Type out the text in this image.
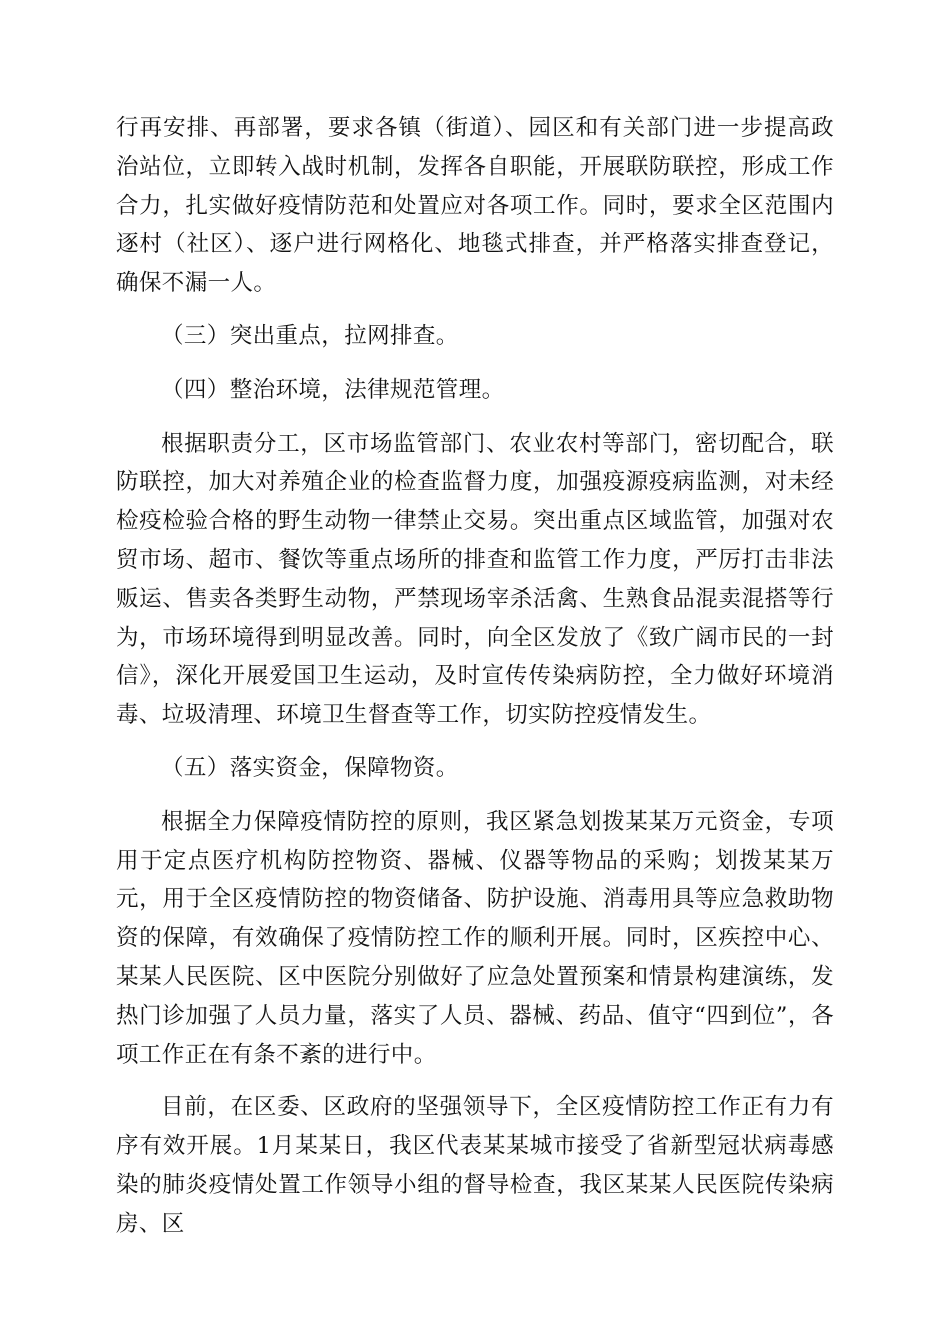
行再安排、再部署，要求各镇（街道）、园区和有关部门进一步提高政治站位，立即转入战时机制，发挥各自职能，开展联防联控，形成工作合力，扎实做好疫情防范和处置应对各项工作。同时，要求全区范围内逐村（社区）、逐户进行网格化、地毯式排查，并严格落实排查登记，确保不漏一人。

（三）突出重点，拉网排查。

（四）整治环境，法律规范管理。

根据职责分工，区市场监管部门、农业农村等部门，密切配合，联防联控，加大对养殖企业的检查监督力度，加强疫源疫病监测，对未经检疫检验合格的野生动物一律禁止交易。突出重点区域监管，加强对农贸市场、超市、餐饮等重点场所的排查和监管工作力度，严厉打击非法贩运、售卖各类野生动物，严禁现场宰杀活禽、生熟食品混卖混搭等行为，市场环境得到明显改善。同时，向全区发放了《致广阔市民的一封信》，深化开展爱国卫生运动，及时宣传传染病防控，全力做好环境消毒、垃圾清理、环境卫生督查等工作，切实防控疫情发生。

（五）落实资金，保障物资。

根据全力保障疫情防控的原则，我区紧急划拨某某万元资金，专项用于定点医疗机构防控物资、器械、仪器等物品的采购；划拨某某万元，用于全区疫情防控的物资储备、防护设施、消毒用具等应急救助物资的保障，有效确保了疫情防控工作的顺利开展。同时，区疾控中心、某某人民医院、区中医院分别做好了应急处置预案和情景构建演练，发热门诊加强了人员力量，落实了人员、器械、药品、值守“四到位”，各项工作正在有条不紊的进行中。

目前，在区委、区政府的坚强领导下，全区疫情防控工作正有力有序有效开展。1月某某日，我区代表某某城市接受了省新型冠状病毒感染的肺炎疫情处置工作领导小组的督导检查，我区某某人民医院传染病房、区
